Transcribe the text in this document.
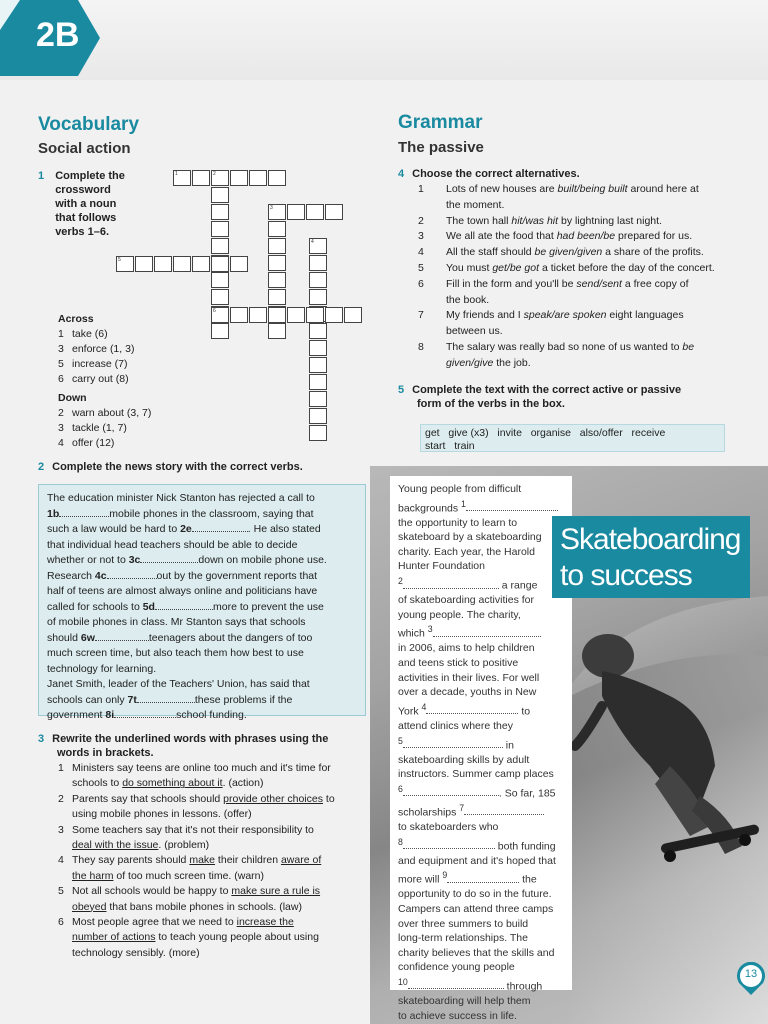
2B
Vocabulary
Social action
1 Complete the
crossword
with a noun
that follows
verbs 1–6.
1	2
3
4
5
6
Across
1 take (6)
3 enforce (1, 3)
5 increase (7)
6 carry out (8)
Down
2 warn about (3, 7)
3 tackle (1, 7)
4 offer (12)
2 Complete the news story with the correct verbs.
The education minister Nick Stanton has rejected a call to
1b	mobile phones in the classroom, saying that
such a law would be hard to 2e	. He also stated
that individual head teachers should be able to decide
whether or not to 3c	down on mobile phone use.
Research 4c	out by the government reports that
half of teens are almost always online and politicians have
called for schools to 5d	more to prevent the use
of mobile phones in class. Mr Stanton says that schools
should 6w	teenagers about the dangers of too
much screen time, but also teach them how best to use
technology for learning.
Janet Smith, leader of the Teachers' Union, has said that
schools can only 7t	these problems if the
government 8i	school funding.
3 Rewrite the underlined words with phrases using the
words in brackets.
1 Ministers say teens are online too much and it's time for
schools to do something about it. (action)
2 Parents say that schools should provide other choices to
using mobile phones in lessons. (offer)
3 Some teachers say that it's not their responsibility to
deal with the issue. (problem)
4 They say parents should make their children aware of
the harm of too much screen time. (warn)
5 Not all schools would be happy to make sure a rule is
obeyed that bans mobile phones in schools. (law)
6 Most people agree that we need to increase the
number of actions to teach young people about using
technology sensibly. (more)
Grammar
The passive
4 Choose the correct alternatives.
1	Lots of new houses are built/being built around here at
the moment.
2	The town hall hit/was hit by lightning last night.
3	We all ate the food that had been/be prepared for us.
4	All the staff should be given/given a share of the profits.
5	You must get/be got a ticket before the day of the concert.
6	Fill in the form and you'll be send/sent a free copy of
the book.
7	My friends and I speak/are spoken eight languages
between us.
8	The salary was really bad so none of us wanted to be
given/give the job.
5 Complete the text with the correct active or passive
form of the verbs in the box.
get give (x3) invite organise also/offer receive
start train
Young people from difficult
backgrounds $^1$
the opportunity to learn to
skateboard by a skateboarding
charity. Each year, the Harold
Hunter Foundation
$^2$	a range
of skateboarding activities for
young people. The charity,
which $^3$
in 2006, aims to help children
and teens stick to positive
activities in their lives. For well
over a decade, youths in New
York $^4$	to
attend clinics where they
$^5$	in
skateboarding skills by adult
instructors. Summer camp places
$^6$	. So far, 185
scholarships $^7$
to skateboarders who
$^8$	both funding
and equipment and it's hoped that
more will $^9$	the
opportunity to do so in the future.
Campers can attend three camps
over three summers to build
long-term relationships. The
charity believes that the skills and
confidence young people
$^{10}$	through
skateboarding will help them
to achieve success in life.
Skateboarding
to success
13
